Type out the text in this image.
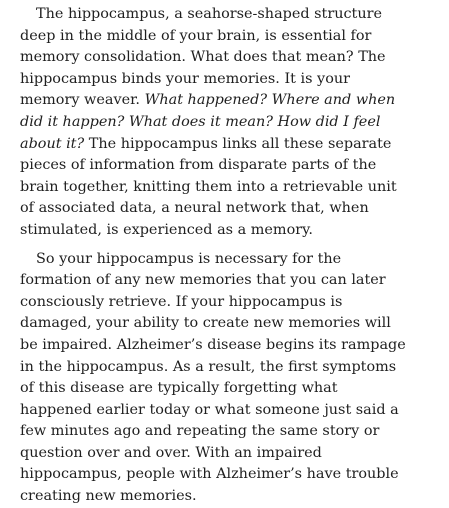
The hippocampus, a seahorse-shaped structure deep in the middle of your brain, is essential for memory consolidation. What does that mean? The hippocampus binds your memories. It is your memory weaver. What happened? Where and when did it happen? What does it mean? How did I feel about it? The hippocampus links all these separate pieces of information from disparate parts of the brain together, knitting them into a retrievable unit of associated data, a neural network that, when stimulated, is experienced as a memory.

So your hippocampus is necessary for the formation of any new memories that you can later consciously retrieve. If your hippocampus is damaged, your ability to create new memories will be impaired. Alzheimer’s disease begins its rampage in the hippocampus. As a result, the first symptoms of this disease are typically forgetting what happened earlier today or what someone just said a few minutes ago and repeating the same story or question over and over. With an impaired hippocampus, people with Alzheimer’s have trouble creating new memories.
